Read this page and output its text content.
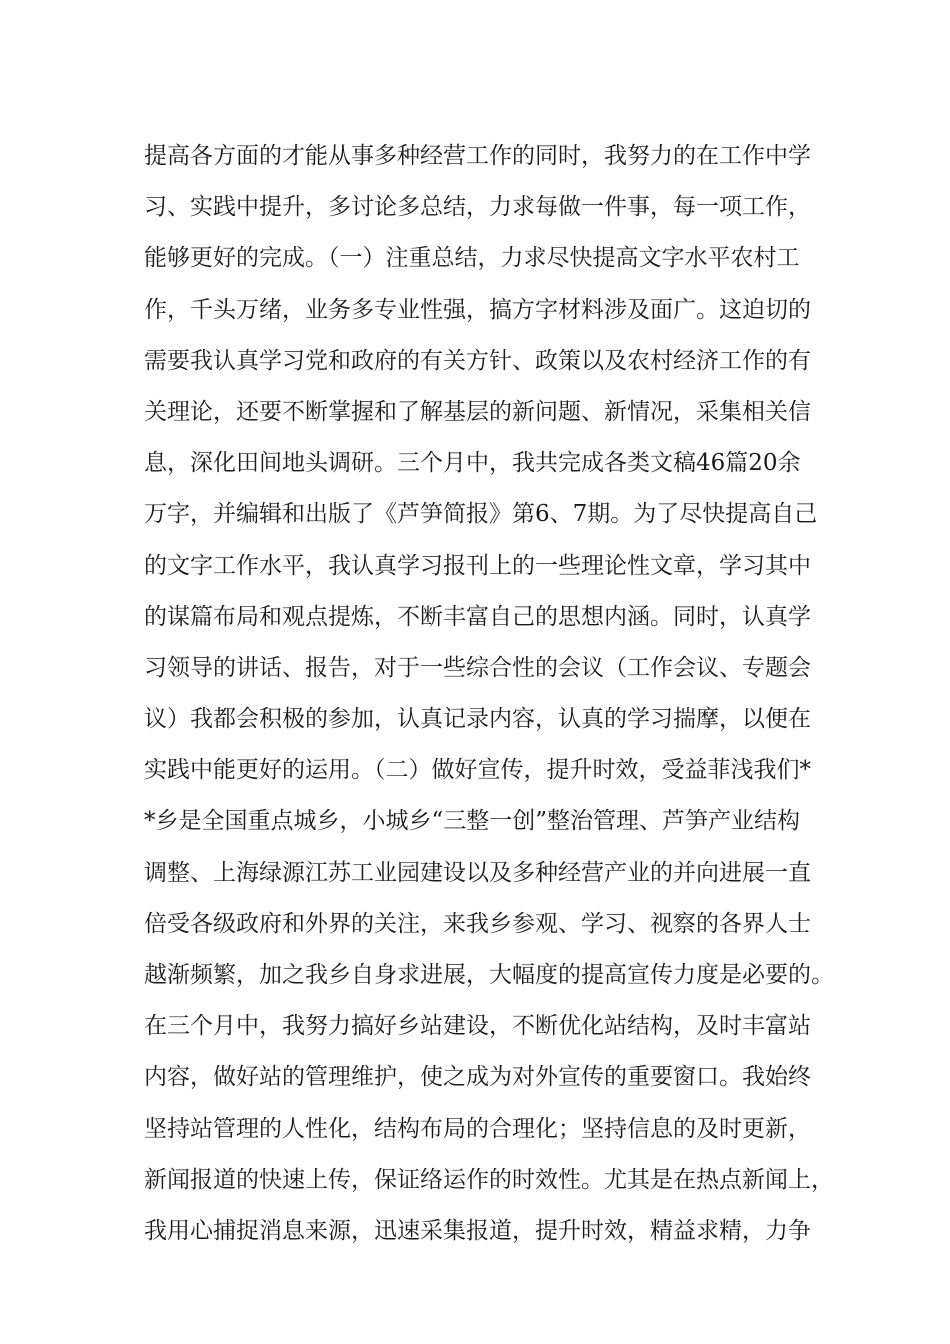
提高各方面的才能从事多种经营工作的同时，我努力的在工作中学
习、实践中提升，多讨论多总结，力求每做一件事，每一项工作，
能够更好的完成。（一）注重总结，力求尽快提高文字水平农村工
作，千头万绪，业务多专业性强，搞方字材料涉及面广。这迫切的
需要我认真学习党和政府的有关方针、政策以及农村经济工作的有
关理论，还要不断掌握和了解基层的新问题、新情况，采集相关信
息，深化田间地头调研。三个月中，我共完成各类文稿46篇20余
万字，并编辑和出版了《芦笋简报》第6、7期。为了尽快提高自己
的文字工作水平，我认真学习报刊上的一些理论性文章，学习其中
的谋篇布局和观点提炼，不断丰富自己的思想内涵。同时，认真学
习领导的讲话、报告，对于一些综合性的会议（工作会议、专题会
议）我都会积极的参加，认真记录内容，认真的学习揣摩，以便在
实践中能更好的运用。（二）做好宣传，提升时效，受益菲浅我们*
*乡是全国重点城乡，小城乡“三整一创”整治管理、芦笋产业结构
调整、上海绿源江苏工业园建设以及多种经营产业的并向进展一直
倍受各级政府和外界的关注，来我乡参观、学习、视察的各界人士
越渐频繁，加之我乡自身求进展，大幅度的提高宣传力度是必要的。
在三个月中，我努力搞好乡站建设，不断优化站结构，及时丰富站
内容，做好站的管理维护，使之成为对外宣传的重要窗口。我始终
坚持站管理的人性化，结构布局的合理化；坚持信息的及时更新，
新闻报道的快速上传，保证络运作的时效性。尤其是在热点新闻上，
我用心捕捉消息来源，迅速采集报道，提升时效，精益求精，力争
